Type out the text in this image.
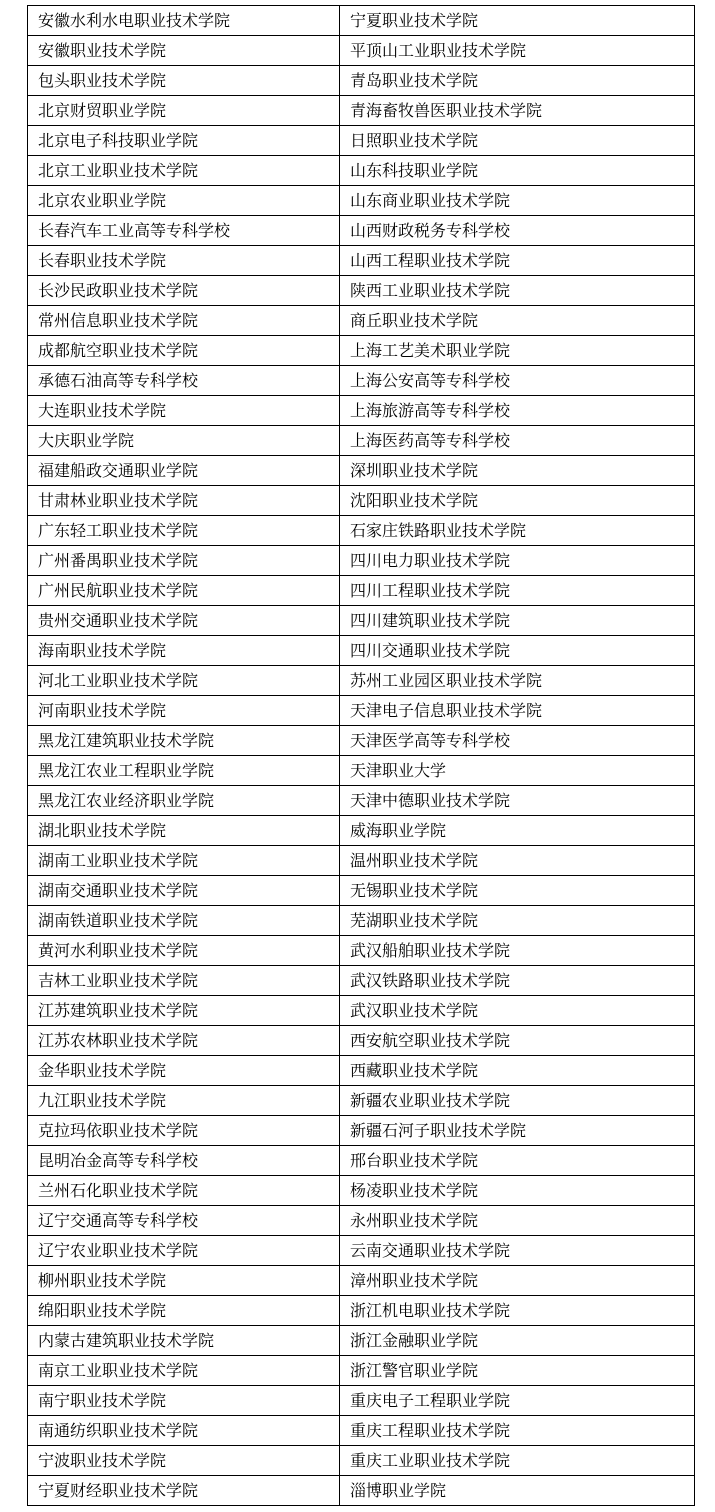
安徽水利水电职业技术学院	宁夏职业技术学院
安徽职业技术学院	平顶山工业职业技术学院
包头职业技术学院	青岛职业技术学院
北京财贸职业学院	青海畜牧兽医职业技术学院
北京电子科技职业学院	日照职业技术学院
北京工业职业技术学院	山东科技职业学院
北京农业职业学院	山东商业职业技术学院
长春汽车工业高等专科学校	山西财政税务专科学校
长春职业技术学院	山西工程职业技术学院
长沙民政职业技术学院	陕西工业职业技术学院
常州信息职业技术学院	商丘职业技术学院
成都航空职业技术学院	上海工艺美术职业学院
承德石油高等专科学校	上海公安高等专科学校
大连职业技术学院	上海旅游高等专科学校
大庆职业学院	上海医药高等专科学校
福建船政交通职业学院	深圳职业技术学院
甘肃林业职业技术学院	沈阳职业技术学院
广东轻工职业技术学院	石家庄铁路职业技术学院
广州番禺职业技术学院	四川电力职业技术学院
广州民航职业技术学院	四川工程职业技术学院
贵州交通职业技术学院	四川建筑职业技术学院
海南职业技术学院	四川交通职业技术学院
河北工业职业技术学院	苏州工业园区职业技术学院
河南职业技术学院	天津电子信息职业技术学院
黑龙江建筑职业技术学院	天津医学高等专科学校
黑龙江农业工程职业学院	天津职业大学
黑龙江农业经济职业学院	天津中德职业技术学院
湖北职业技术学院	威海职业学院
湖南工业职业技术学院	温州职业技术学院
湖南交通职业技术学院	无锡职业技术学院
湖南铁道职业技术学院	芜湖职业技术学院
黄河水利职业技术学院	武汉船舶职业技术学院
吉林工业职业技术学院	武汉铁路职业技术学院
江苏建筑职业技术学院	武汉职业技术学院
江苏农林职业技术学院	西安航空职业技术学院
金华职业技术学院	西藏职业技术学院
九江职业技术学院	新疆农业职业技术学院
克拉玛依职业技术学院	新疆石河子职业技术学院
昆明冶金高等专科学校	邢台职业技术学院
兰州石化职业技术学院	杨凌职业技术学院
辽宁交通高等专科学校	永州职业技术学院
辽宁农业职业技术学院	云南交通职业技术学院
柳州职业技术学院	漳州职业技术学院
绵阳职业技术学院	浙江机电职业技术学院
内蒙古建筑职业技术学院	浙江金融职业学院
南京工业职业技术学院	浙江警官职业学院
南宁职业技术学院	重庆电子工程职业学院
南通纺织职业技术学院	重庆工程职业技术学院
宁波职业技术学院	重庆工业职业技术学院
宁夏财经职业技术学院	淄博职业学院
